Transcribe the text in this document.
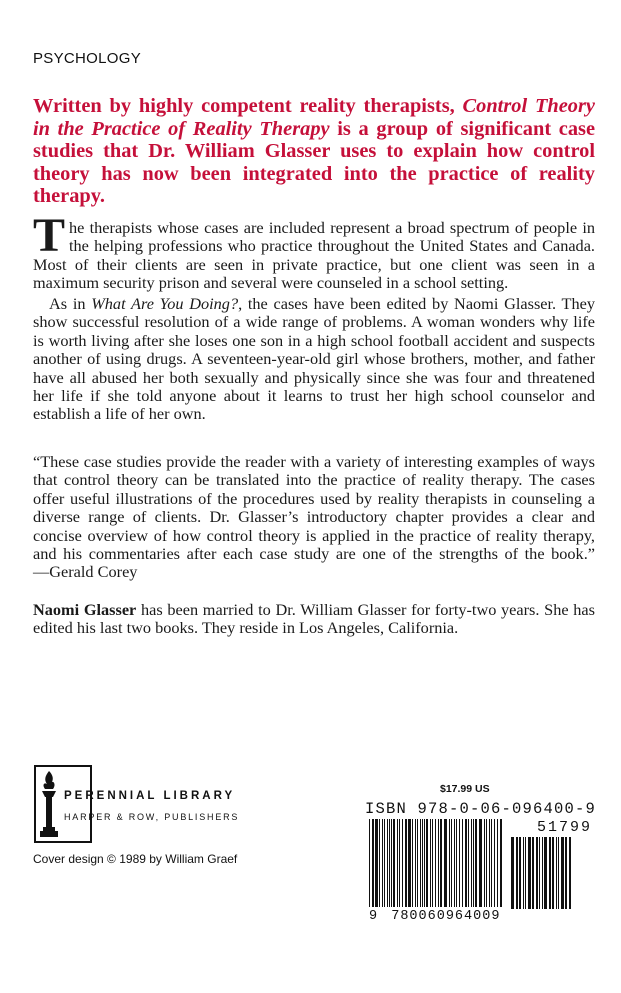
PSYCHOLOGY
Written by highly competent reality therapists, Control Theory in the Practice of Reality Therapy is a group of significant case studies that Dr. William Glasser uses to explain how control theory has now been integrated into the practice of reality therapy.
The therapists whose cases are included represent a broad spectrum of people in the helping professions who practice throughout the United States and Canada. Most of their clients are seen in private practice, but one client was seen in a maximum security prison and several were counseled in a school setting.
As in What Are You Doing?, the cases have been edited by Naomi Glasser. They show successful resolution of a wide range of problems. A woman wonders why life is worth living after she loses one son in a high school football accident and suspects another of using drugs. A seventeen-year-old girl whose brothers, mother, and father have all abused her both sexually and physically since she was four and threatened her life if she told anyone about it learns to trust her high school counselor and establish a life of her own.
“These case studies provide the reader with a variety of interesting examples of ways that control theory can be translated into the practice of reality therapy. The cases offer useful illustrations of the procedures used by reality therapists in counseling a diverse range of clients. Dr. Glasser’s introductory chapter provides a clear and concise overview of how control theory is applied in the practice of reality therapy, and his commentaries after each case study are one of the strengths of the book.” —Gerald Corey
Naomi Glasser has been married to Dr. William Glasser for forty-two years. She has edited his last two books. They reside in Los Angeles, California.
PERENNIAL LIBRARY
HARPER & ROW, PUBLISHERS
Cover design © 1989 by William Graef
$17.99 US
ISBN 978-0-06-096400-9
9 780060964009
51799
